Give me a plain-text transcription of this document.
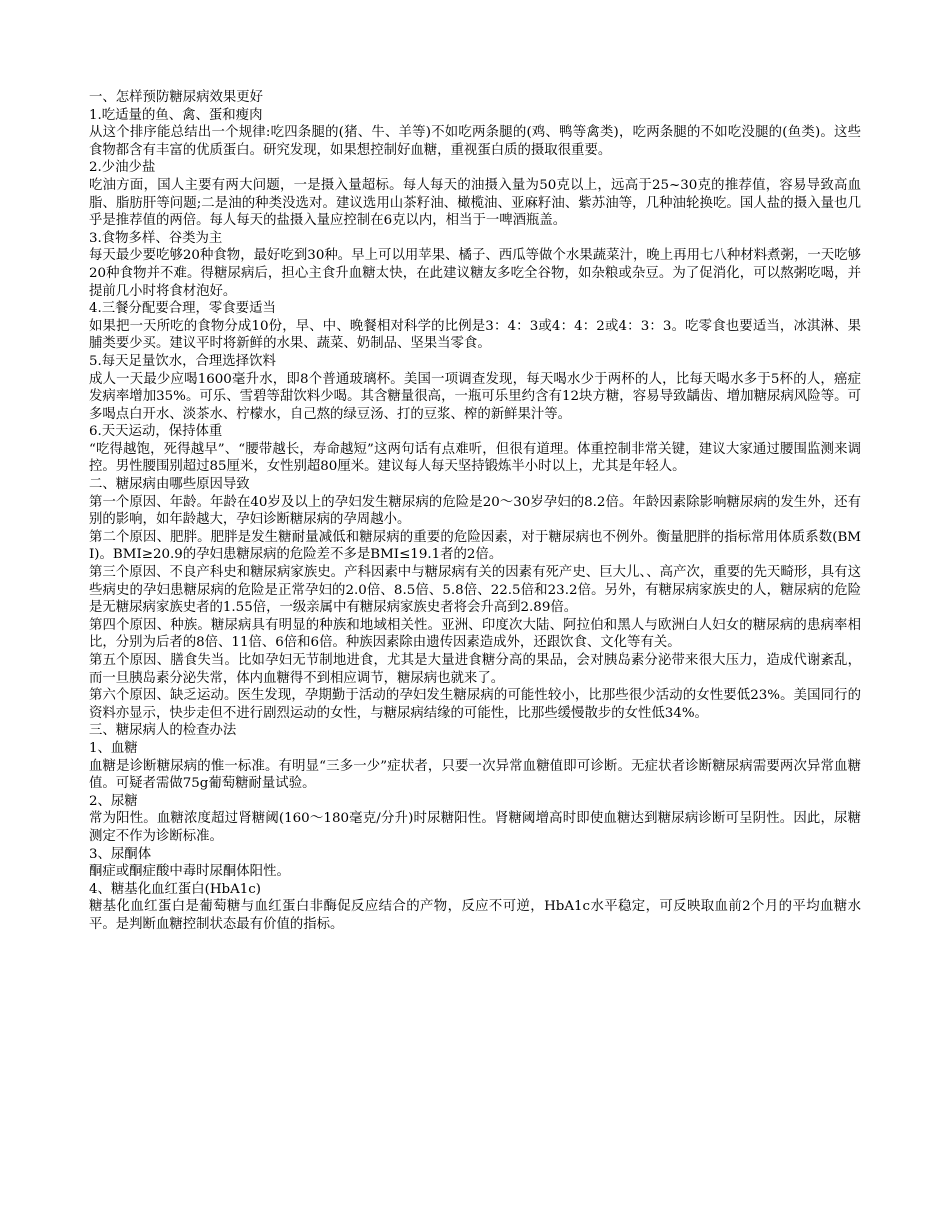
一、怎样预防糖尿病效果更好

1.吃适量的鱼、禽、蛋和瘦肉

从这个排序能总结出一个规律:吃四条腿的(猪、牛、羊等)不如吃两条腿的(鸡、鸭等禽类)，吃两条腿的不如吃没腿的(鱼类)。这些食物都含有丰富的优质蛋白。研究发现，如果想控制好血糖，重视蛋白质的摄取很重要。

2.少油少盐

吃油方面，国人主要有两大问题，一是摄入量超标。每人每天的油摄入量为50克以上，远高于25~30克的推荐值，容易导致高血脂、脂肪肝等问题;二是油的种类没选对。建议选用山茶籽油、橄榄油、亚麻籽油、紫苏油等，几种油轮换吃。国人盐的摄入量也几乎是推荐值的两倍。每人每天的盐摄入量应控制在6克以内，相当于一啤酒瓶盖。

3.食物多样、谷类为主

每天最少要吃够20种食物，最好吃到30种。早上可以用苹果、橘子、西瓜等做个水果蔬菜汁，晚上再用七八种材料煮粥，一天吃够20种食物并不难。得糖尿病后，担心主食升血糖太快，在此建议糖友多吃全谷物，如杂粮或杂豆。为了促消化，可以熬粥吃喝，并提前几小时将食材泡好。

4.三餐分配要合理，零食要适当

如果把一天所吃的食物分成10份，早、中、晚餐相对科学的比例是3：4：3或4：4：2或4：3：3。吃零食也要适当，冰淇淋、果脯类要少买。建议平时将新鲜的水果、蔬菜、奶制品、坚果当零食。

5.每天足量饮水，合理选择饮料

成人一天最少应喝1600毫升水，即8个普通玻璃杯。美国一项调查发现，每天喝水少于两杯的人，比每天喝水多于5杯的人，癌症发病率增加35%。可乐、雪碧等甜饮料少喝。其含糖量很高，一瓶可乐里约含有12块方糖，容易导致龋齿、增加糖尿病风险等。可多喝点白开水、淡茶水、柠檬水，自己熬的绿豆汤、打的豆浆、榨的新鲜果汁等。

6.天天运动，保持体重

“吃得越饱，死得越早”、“腰带越长，寿命越短”这两句话有点难听，但很有道理。体重控制非常关键，建议大家通过腰围监测来调控。男性腰围别超过85厘米，女性别超80厘米。建议每人每天坚持锻炼半小时以上，尤其是年轻人。

二、糖尿病由哪些原因导致

第一个原因、年龄。年龄在40岁及以上的孕妇发生糖尿病的危险是20～30岁孕妇的8.2倍。年龄因素除影响糖尿病的发生外，还有别的影响，如年龄越大，孕妇诊断糖尿病的孕周越小。

第二个原因、肥胖。肥胖是发生糖耐量减低和糖尿病的重要的危险因素，对于糖尿病也不例外。衡量肥胖的指标常用体质系数(BMI)。BMI≥20.9的孕妇患糖尿病的危险差不多是BMI≤19.1者的2倍。

第三个原因、不良产科史和糖尿病家族史。产科因素中与糖尿病有关的因素有死产史、巨大儿、、高产次，重要的先天畸形，具有这些病史的孕妇患糖尿病的危险是正常孕妇的2.0倍、8.5倍、5.8倍、22.5倍和23.2倍。另外，有糖尿病家族史的人，糖尿病的危险是无糖尿病家族史者的1.55倍，一级亲属中有糖尿病家族史者将会升高到2.89倍。

第四个原因、种族。糖尿病具有明显的种族和地域相关性。亚洲、印度次大陆、阿拉伯和黑人与欧洲白人妇女的糖尿病的患病率相比，分别为后者的8倍、11倍、6倍和6倍。种族因素除由遗传因素造成外，还跟饮食、文化等有关。

第五个原因、膳食失当。比如孕妇无节制地进食，尤其是大量进食糖分高的果品，会对胰岛素分泌带来很大压力，造成代谢紊乱，而一旦胰岛素分泌失常，体内血糖得不到相应调节，糖尿病也就来了。

第六个原因、缺乏运动。医生发现，孕期勤于活动的孕妇发生糖尿病的可能性较小，比那些很少活动的女性要低23%。美国同行的资料亦显示，快步走但不进行剧烈运动的女性，与糖尿病结缘的可能性，比那些缓慢散步的女性低34%。

三、糖尿病人的检查办法

1、血糖

血糖是诊断糖尿病的惟一标准。有明显“三多一少”症状者，只要一次异常血糖值即可诊断。无症状者诊断糖尿病需要两次异常血糖值。可疑者需做75g葡萄糖耐量试验。

2、尿糖

常为阳性。血糖浓度超过肾糖阈(160～180毫克/分升)时尿糖阳性。肾糖阈增高时即使血糖达到糖尿病诊断可呈阴性。因此，尿糖测定不作为诊断标准。

3、尿酮体

酮症或酮症酸中毒时尿酮体阳性。

4、糖基化血红蛋白(HbA1c)

糖基化血红蛋白是葡萄糖与血红蛋白非酶促反应结合的产物，反应不可逆，HbA1c水平稳定，可反映取血前2个月的平均血糖水平。是判断血糖控制状态最有价值的指标。
